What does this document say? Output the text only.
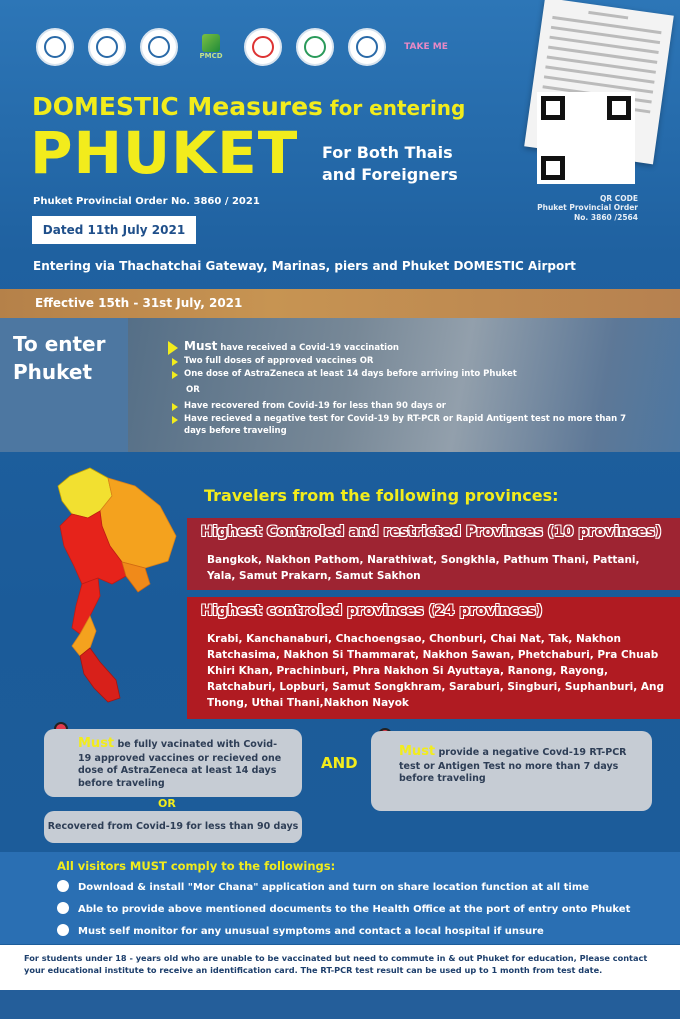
PMCD
TAKE ME
QR CODE
Phuket Provincial Order
No. 3860 /2564
DOMESTIC Measures for entering
PHUKET For Both Thais
and Foreigners
Phuket Provincial Order No. 3860 / 2021
Dated 11th July 2021
Entering via Thachatchai Gateway, Marinas, piers and Phuket DOMESTIC Airport
Effective 15th - 31st July, 2021
To enter
Phuket
Must have received a Covid-19 vaccination
Two full doses of approved vaccines OR
One dose of AstraZeneca at least 14 days before arriving into Phuket
OR
Have recovered from Covid-19 for less than 90 days or
Have recieved a negative test for Covid-19 by RT-PCR or Rapid Antigent test no more than 7 days before traveling
Travelers from the following provinces:
Highest Controled and restricted Provinces (10 provinces)
Bangkok, Nakhon Pathom, Narathiwat, Songkhla, Pathum Thani, Pattani, Yala, Samut Prakarn, Samut Sakhon
Highest controled provinces (24 provinces)
Krabi, Kanchanaburi, Chachoengsao, Chonburi, Chai Nat, Tak, Nakhon Ratchasima, Nakhon Si Thammarat, Nakhon Sawan, Phetchaburi, Pra Chuab Khiri Khan, Prachinburi, Phra Nakhon Si Ayuttaya, Ranong, Rayong, Ratchaburi, Lopburi, Samut Songkhram, Saraburi, Singburi, Suphanburi, Ang Thong, Uthai Thani,Nakhon Nayok
Must be fully vacinated with Covid-19 approved vaccines or recieved one dose of AstraZeneca at least 14 days before traveling
OR
Recovered from Covid-19 for less than 90 days
AND
Must provide a negative Covd-19 RT-PCR test or Antigen Test no more than 7 days before traveling
All visitors MUST comply to the followings:
Download & install "Mor Chana" application and turn on share location function at all time
Able to provide above mentioned documents to the Health Office at the port of entry onto Phuket
Must self monitor for any unusual symptoms and contact a local hospital if unsure
For students under 18 - years old who are unable to be vaccinated but need to commute in & out Phuket for education, Please contact your educational institute to receive an identification card. The RT-PCR test result can be used up to 1 month from test date.
